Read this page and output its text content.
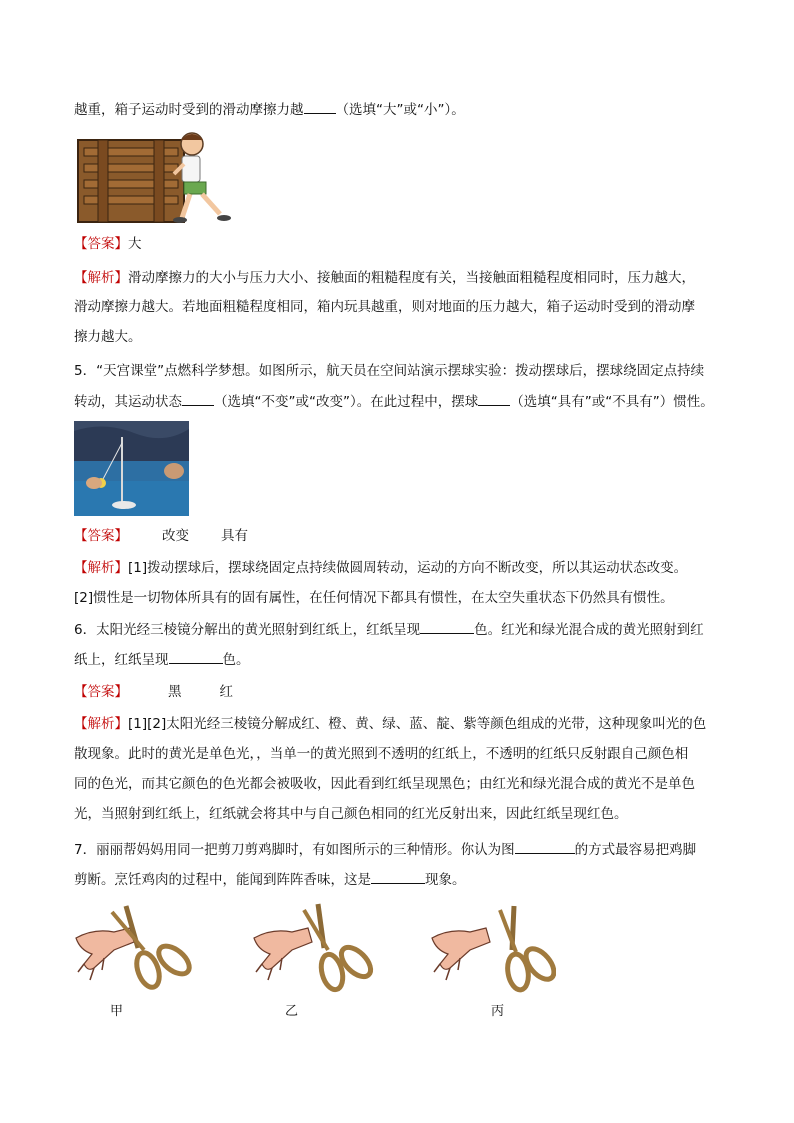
越重，箱子运动时受到的滑动摩擦力越 （选填“大”或“小”）。
【答案】大
【解析】滑动摩擦力的大小与压力大小、接触面的粗糙程度有关，当接触面粗糙程度相同时，压力越大，
滑动摩擦力越大。若地面粗糙程度相同，箱内玩具越重，则对地面的压力越大，箱子运动时受到的滑动摩
擦力越大。
5．“天宫课堂”点燃科学梦想。如图所示，航天员在空间站演示摆球实验：拨动摆球后，摆球绕固定点持续
转动，其运动状态 （选填“不变”或“改变”）。在此过程中，摆球 （选填“具有”或“不具有”）惯性。
【答案】	改变 具有
【解析】[1]拨动摆球后，摆球绕固定点持续做圆周转动，运动的方向不断改变，所以其运动状态改变。
[2]惯性是一切物体所具有的固有属性，在任何情况下都具有惯性，在太空失重状态下仍然具有惯性。
6．太阳光经三棱镜分解出的黄光照射到红纸上，红纸呈现	色。红光和绿光混合成的黄光照射到红
纸上，红纸呈现	色。
【答案】	黑	红
【解析】[1][2]太阳光经三棱镜分解成红、橙、黄、绿、蓝、靛、紫等颜色组成的光带，这种现象叫光的色
散现象。此时的黄光是单色光，，当单一的黄光照到不透明的红纸上，不透明的红纸只反射跟自己颜色相
同的色光，而其它颜色的色光都会被吸收，因此看到红纸呈现黑色；由红光和绿光混合成的黄光不是单色
光，当照射到红纸上，红纸就会将其中与自己颜色相同的红光反射出来，因此红纸呈现红色。
7．丽丽帮妈妈用同一把剪刀剪鸡脚时，有如图所示的三种情形。你认为图	的方式最容易把鸡脚
剪断。烹饪鸡肉的过程中，能闻到阵阵香味，这是	现象。
甲	乙	丙
